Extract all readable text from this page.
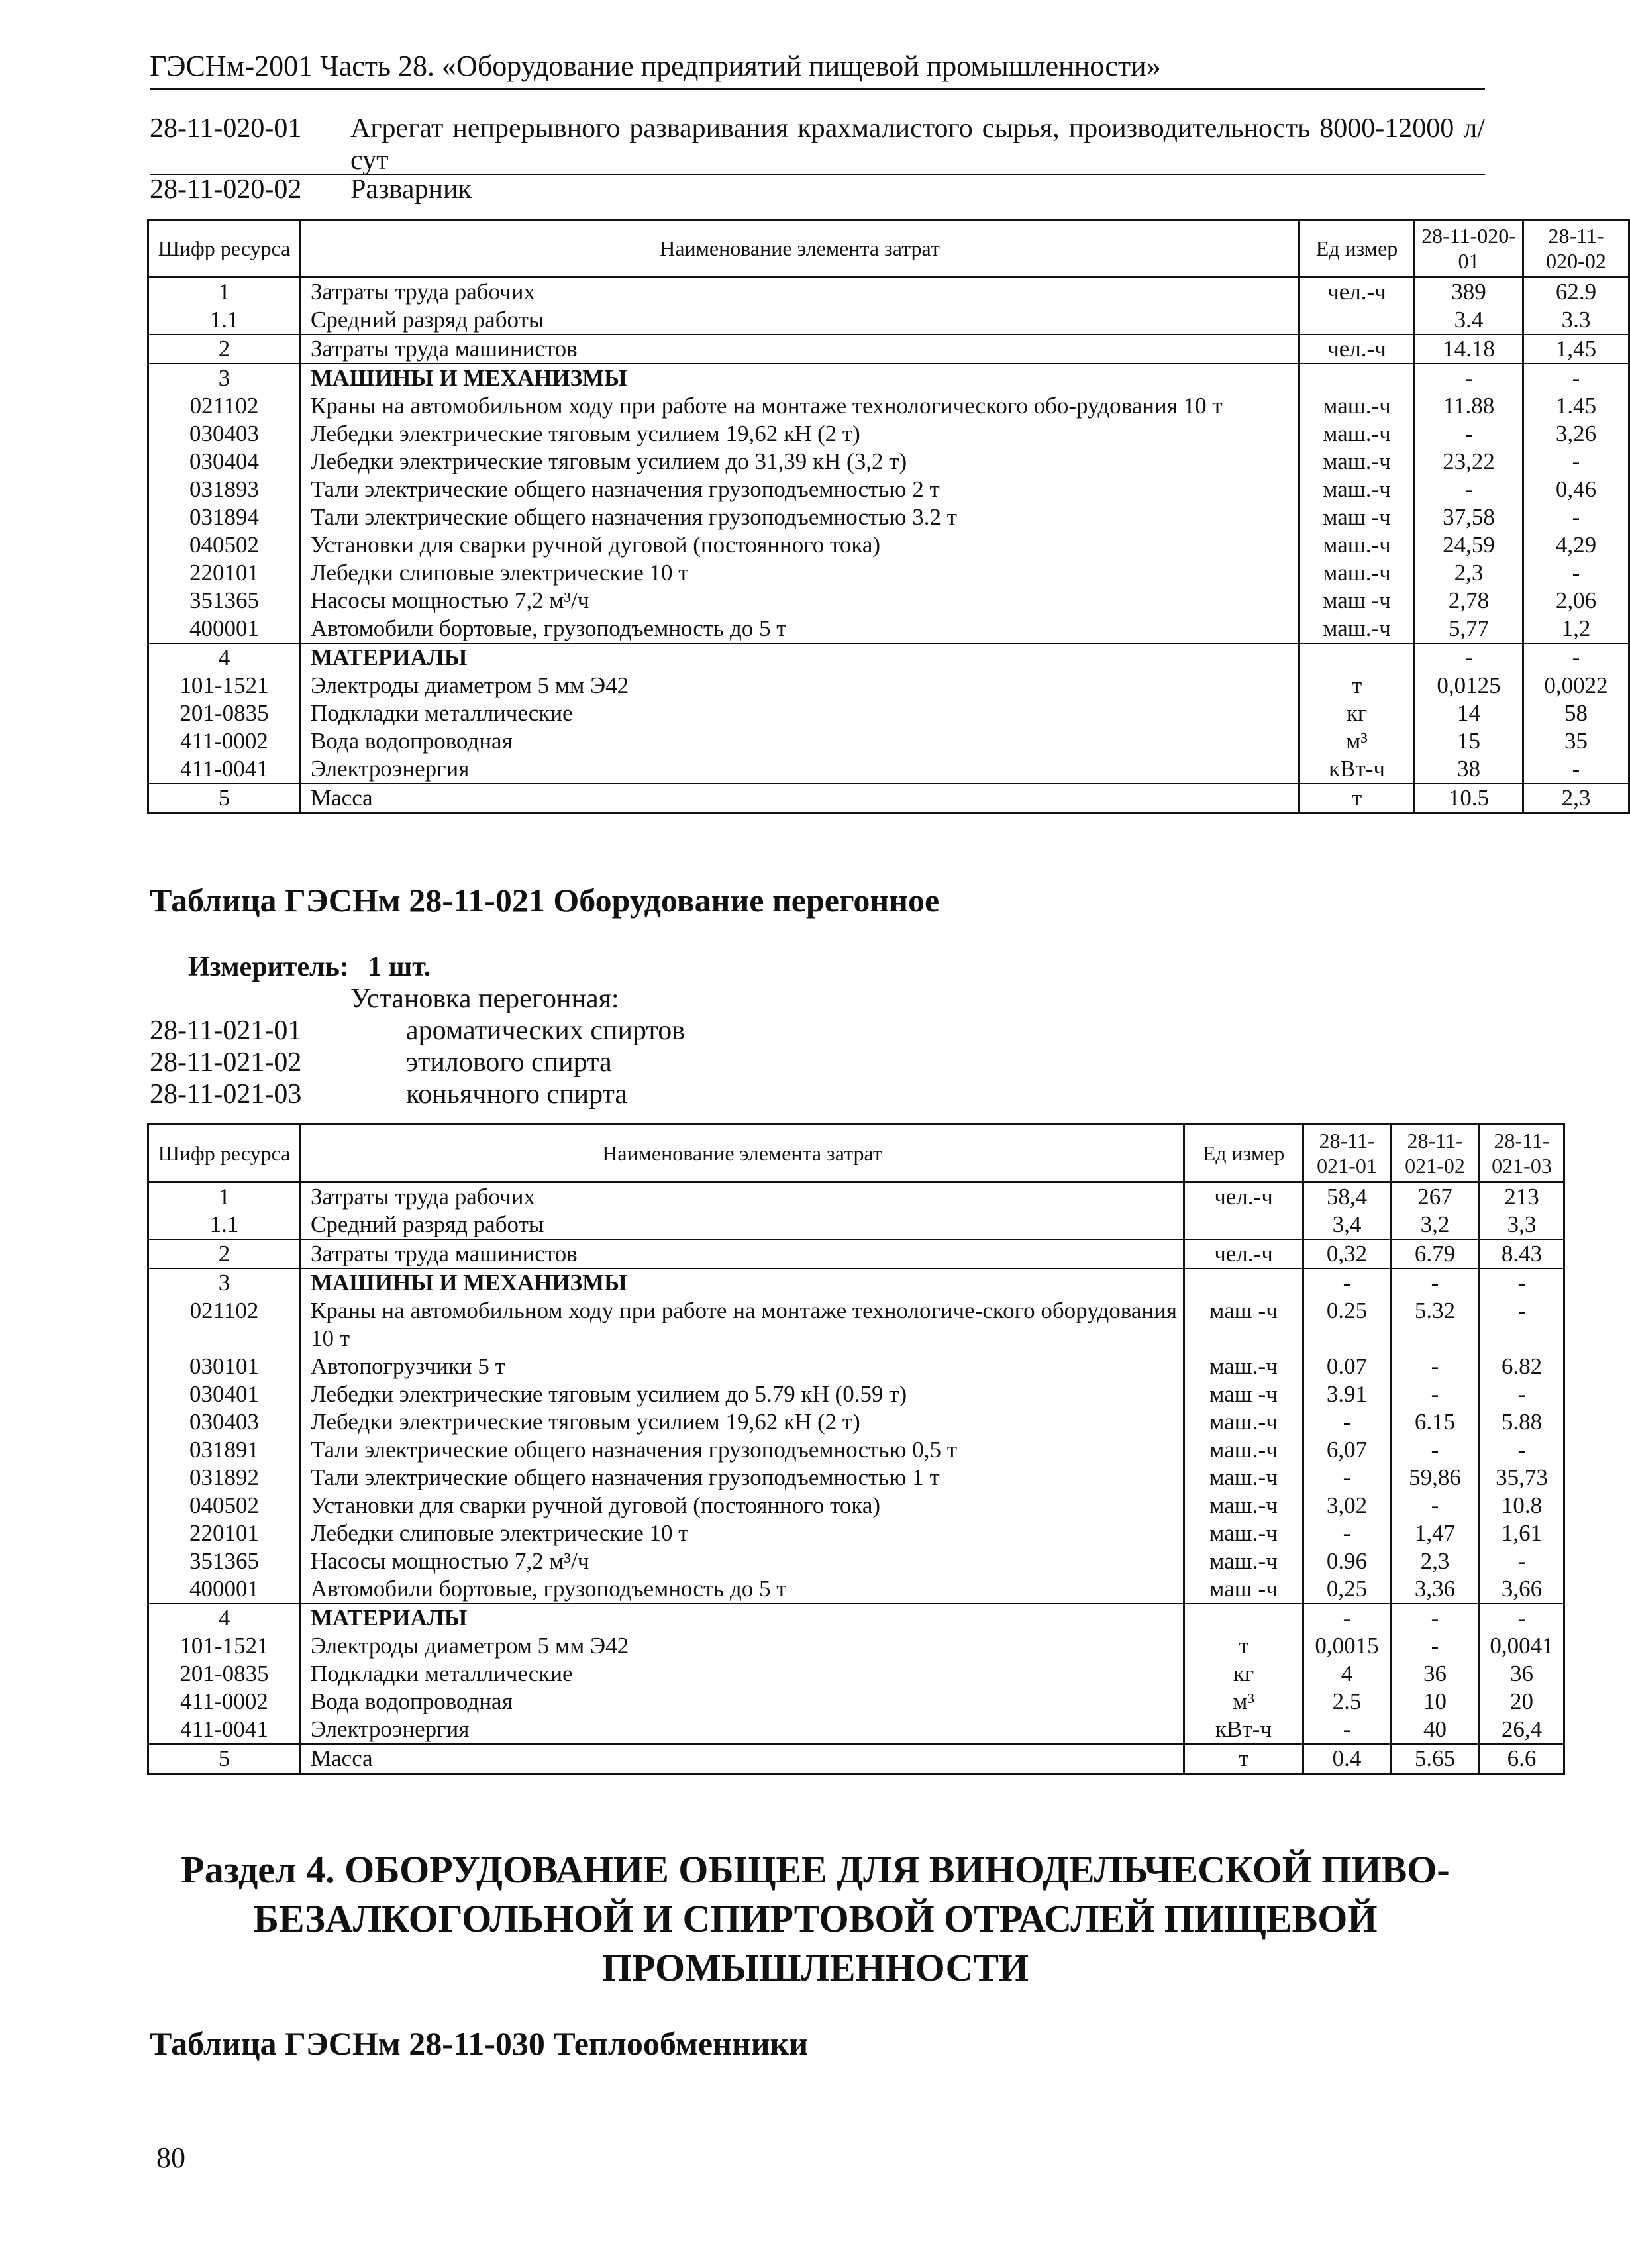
ГЭСНм-2001 Часть 28. «Оборудование предприятий пищевой промышленности»
28-11-020-01	Агрегат непрерывного разваривания крахмалистого сырья, производительность 8000-12000 л/сут
28-11-020-02	Разварник
Шифр ресурса	Наименование элемента затрат	Ед измер	28-11-020-01	28-11-020-02
1	Затраты труда рабочих	чел.-ч	389	62.9
1.1	Средний разряд работы		3.4	3.3
2	Затраты труда машинистов	чел.-ч	14.18	1,45
3	МАШИНЫ И МЕХАНИЗМЫ		-	-
021102	Краны на автомобильном ходу при работе на монтаже технологического обо-рудования 10 т	маш.-ч	11.88	1.45
030403	Лебедки электрические тяговым усилием 19,62 кН (2 т)	маш.-ч	-	3,26
030404	Лебедки электрические тяговым усилием до 31,39 кН (3,2 т)	маш.-ч	23,22	-
031893	Тали электрические общего назначения грузоподъемностью 2 т	маш.-ч	-	0,46
031894	Тали электрические общего назначения грузоподъемностью 3.2 т	маш -ч	37,58	-
040502	Установки для сварки ручной дуговой (постоянного тока)	маш.-ч	24,59	4,29
220101	Лебедки слиповые электрические 10 т	маш.-ч	2,3	-
351365	Насосы мощностью 7,2 м³/ч	маш -ч	2,78	2,06
400001	Автомобили бортовые, грузоподъемность до 5 т	маш.-ч	5,77	1,2
4	МАТЕРИАЛЫ		-	-
101-1521	Электроды диаметром 5 мм Э42	т	0,0125	0,0022
201-0835	Подкладки металлические	кг	14	58
411-0002	Вода водопроводная	м³	15	35
411-0041	Электроэнергия	кВт-ч	38	-
5	Масса	т	10.5	2,3
Таблица ГЭСНм 28-11-021 Оборудование перегонное
Измеритель: 1 шт.
Установка перегонная:
28-11-021-01	ароматических спиртов
28-11-021-02	этилового спирта
28-11-021-03	коньячного спирта
Шифр ресурса	Наименование элемента затрат	Ед измер	28-11-021-01	28-11-021-02	28-11-021-03
1	Затраты труда рабочих	чел.-ч	58,4	267	213
1.1	Средний разряд работы		3,4	3,2	3,3
2	Затраты труда машинистов	чел.-ч	0,32	6.79	8.43
3	МАШИНЫ И МЕХАНИЗМЫ		-	-	-
021102	Краны на автомобильном ходу при работе на монтаже технологиче-ского оборудования 10 т	маш -ч	0.25	5.32	-
030101	Автопогрузчики 5 т	маш.-ч	0.07	-	6.82
030401	Лебедки электрические тяговым усилием до 5.79 кН (0.59 т)	маш -ч	3.91	-	-
030403	Лебедки электрические тяговым усилием 19,62 кН (2 т)	маш.-ч	-	6.15	5.88
031891	Тали электрические общего назначения грузоподъемностью 0,5 т	маш.-ч	6,07	-	-
031892	Тали электрические общего назначения грузоподъемностью 1 т	маш.-ч	-	59,86	35,73
040502	Установки для сварки ручной дуговой (постоянного тока)	маш.-ч	3,02	-	10.8
220101	Лебедки слиповые электрические 10 т	маш.-ч	-	1,47	1,61
351365	Насосы мощностью 7,2 м³/ч	маш.-ч	0.96	2,3	-
400001	Автомобили бортовые, грузоподъемность до 5 т	маш -ч	0,25	3,36	3,66
4	МАТЕРИАЛЫ		-	-	-
101-1521	Электроды диаметром 5 мм Э42	т	0,0015	-	0,0041
201-0835	Подкладки металлические	кг	4	36	36
411-0002	Вода водопроводная	м³	2.5	10	20
411-0041	Электроэнергия	кВт-ч	-	40	26,4
5	Масса	т	0.4	5.65	6.6
Раздел 4. ОБОРУДОВАНИЕ ОБЩЕЕ ДЛЯ ВИНОДЕЛЬЧЕСКОЙ ПИВО-БЕЗАЛКОГОЛЬНОЙ И СПИРТОВОЙ ОТРАСЛЕЙ ПИЩЕВОЙ ПРОМЫШЛЕННОСТИ
Таблица ГЭСНм 28-11-030 Теплообменники
80
